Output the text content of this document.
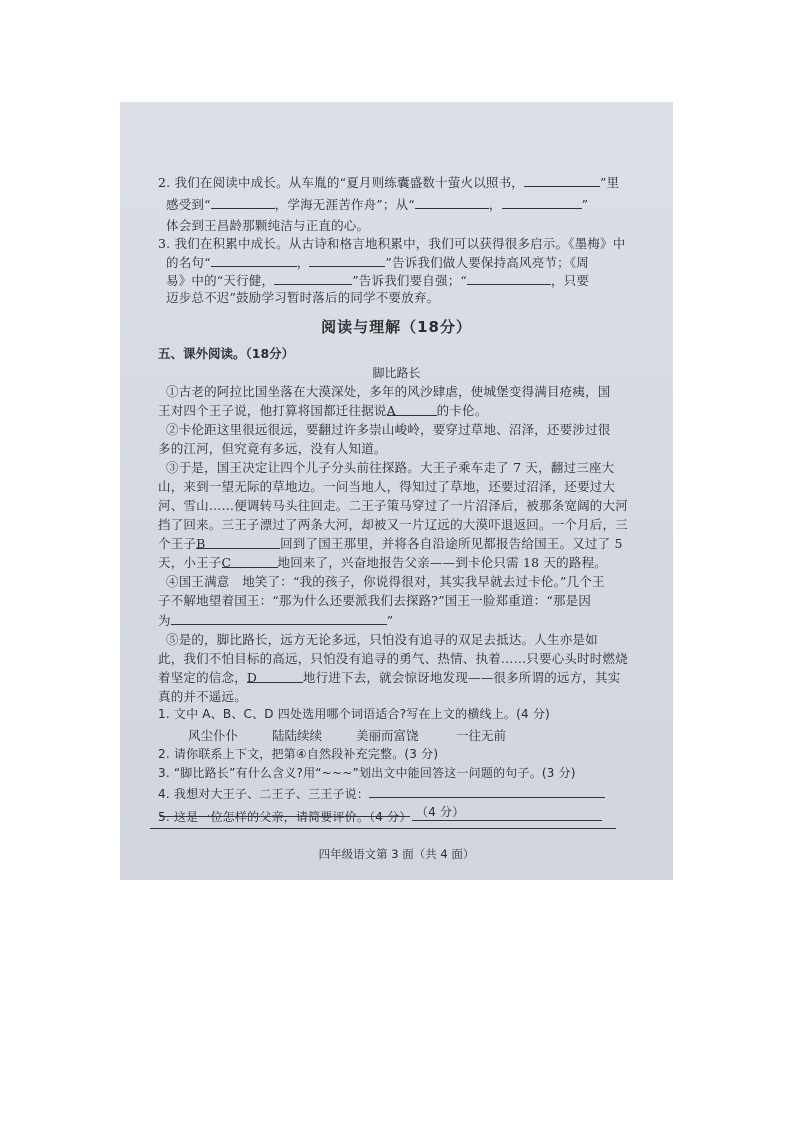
2. 我们在阅读中成长。从车胤的“夏月则练囊盛数十萤火以照书，	”里
感受到“	，学海无涯苦作舟”；从“	，	”
体会到王昌龄那颗纯洁与正直的心。
3. 我们在积累中成长。从古诗和格言地积累中，我们可以获得很多启示。《墨梅》中
的名句“	，	”告诉我们做人要保持高风亮节；《周
易》中的“天行健，	”告诉我们要自强；“	，只要
迈步总不迟”鼓励学习暂时落后的同学不要放弃。
阅读与理解（18分）
五、课外阅读。（18分）
脚比路长
①古老的阿拉比国坐落在大漠深处，多年的风沙肆虐，使城堡变得满目疮痍，国
王对四个王子说，他打算将国都迁往据说A	的卡伦。
②卡伦距这里很远很远，要翻过许多崇山峻岭，要穿过草地、沼泽，还要涉过很
多的江河，但究竟有多远，没有人知道。
③于是，国王决定让四个儿子分头前往探路。大王子乘车走了 7 天，翻过三座大
山，来到一望无际的草地边。一问当地人，得知过了草地，还要过沼泽，还要过大
河、雪山……便调转马头往回走。二王子策马穿过了一片沼泽后，被那条宽阔的大河
挡了回来。三王子漂过了两条大河，却被又一片辽远的大漠吓退返回。一个月后，三
个王子B	回到了国王那里，并将各自沿途所见都报告给国王。又过了 5
天，小王子C	地回来了，兴奋地报告父亲——到卡伦只需 18 天的路程。
④国王满意　地笑了：“我的孩子，你说得很对，其实我早就去过卡伦。”几个王
子不解地望着国王：“那为什么还要派我们去探路?”国王一脸郑重道：“那是因
为	”
⑤是的，脚比路长，远方无论多远，只怕没有追寻的双足去抵达。人生亦是如
此，我们不怕目标的高远，只怕没有追寻的勇气、热情、执着……只要心头时时燃烧
着坚定的信念，D	地行进下去，就会惊讶地发现——很多所谓的远方，其实
真的并不遥远。
1. 文中 A、B、C、D 四处选用哪个词语适合?写在上文的横线上。(4 分)
风尘仆仆	陆陆续续	美丽而富饶	一往无前
2. 请你联系上下文，把第④自然段补充完整。(3 分)
3. “脚比路长”有什么含义?用“~~~”划出文中能回答这一问题的句子。(3 分)
4. 我想对大王子、二王子、三王子说：
（4 分）
5. 这是一位怎样的父亲，请简要评价。（4 分）
四年级语文第 3 面（共 4 面）
